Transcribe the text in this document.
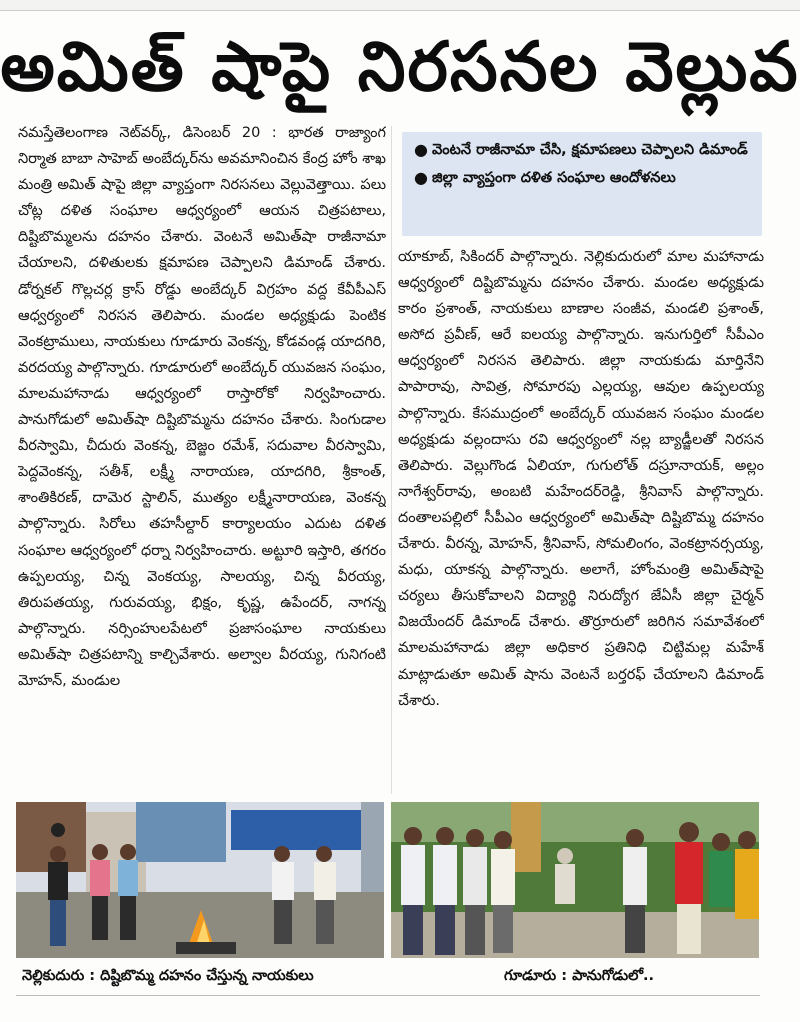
అమిత్ షాపై నిరసనల వెల్లువ
● వెంటనే రాజీనామా చేసి, క్షమాపణలు చెప్పాలని డిమాండ్
● జిల్లా వ్యాప్తంగా దళిత సంఘాల ఆందోళనలు
నమస్తేతెలంగాణ నెట్‌వర్క్, డిసెంబర్ 20 : భారత రాజ్యాంగ నిర్మాత బాబా సాహెబ్ అంబేద్కర్‌ను అవమానించిన కేంద్ర హోం శాఖ మంత్రి అమిత్ షాపై జిల్లా వ్యాప్తంగా నిరసనలు వెల్లువెత్తాయి. పలు చోట్ల దళిత సంఘాల ఆధ్వర్యంలో ఆయన చిత్రపటాలు, దిష్టిబొమ్మలను దహనం చేశారు. వెంటనే అమిత్‌షా రాజీనామా చేయాలని, దళితులకు క్షమాపణ చెప్పాలని డిమాండ్ చేశారు. డోర్నకల్ గొల్లచర్ల క్రాస్ రోడ్డు అంబేద్కర్ విగ్రహం వద్ద కేవీపీఎస్ ఆధ్వర్యంలో నిరసన తెలిపారు. మండల అధ్యక్షుడు పెంటిక వెంకట్రాములు, నాయకులు గూడూరు వెంకన్న, కోడవండ్ల యాదగిరి, వరదయ్య పాల్గొన్నారు. గూడూరులో అంబేద్కర్ యువజన సంఘం, మాలమహానాడు ఆధ్వర్యంలో రాస్తారోకో నిర్వహించారు. పానుగోడులో అమిత్‌షా దిష్టిబొమ్మను దహనం చేశారు. సింగుడాల వీరస్వామి, చీదురు వెంకన్న, బెజ్జం రమేశ్, సదువాల వీరస్వామి, పెద్దవెంకన్న, సతీశ్, లక్ష్మీ నారాయణ, యాదగిరి, శ్రీకాంత్, శాంతికిరణ్, దామెర స్టాలిన్, ముత్యం లక్ష్మీనారాయణ, వెంకన్న పాల్గొన్నారు. సిరోలు తహసీల్దార్ కార్యాలయం ఎదుట దళిత సంఘాల ఆధ్వర్యంలో ధర్నా నిర్వహించారు. అట్టూరి ఇస్తారి, తగరం ఉప్పలయ్య, చిన్న వెంకయ్య, సాలయ్య, చిన్న వీరయ్య, తిరుపతయ్య, గురువయ్య, భిక్షం, కృష్ణ, ఉపేందర్, నాగన్న పాల్గొన్నారు. నర్సింహులపేటలో ప్రజాసంఘాల నాయకులు అమిత్‌షా చిత్రపటాన్ని కాల్చివేశారు. అల్వాల వీరయ్య, గునిగంటి మోహన్, మండుల
యాకూబ్, సికిందర్ పాల్గొన్నారు. నెల్లికుదురులో మాల మహానాడు ఆధ్వర్యంలో దిష్టిబొమ్మను దహనం చేశారు. మండల అధ్యక్షుడు కారం ప్రశాంత్, నాయకులు బాణాల సంజీవ, మండలి ప్రశాంత్, అసోద ప్రవీణ్, ఆరే ఐలయ్య పాల్గొన్నారు. ఇనుగుర్తిలో సీపీఎం ఆధ్వర్యంలో నిరసన తెలిపారు. జిల్లా నాయకుడు మార్తినేని పాపారావు, సావిత్ర, సోమారపు ఎల్లయ్య, ఆవుల ఉప్పలయ్య పాల్గొన్నారు. కేసముద్రంలో అంబేద్కర్ యువజన సంఘం మండల అధ్యక్షుడు వల్లందాసు రవి ఆధ్వర్యంలో నల్ల బ్యాడ్జీలతో నిరసన తెలిపారు. వెల్లుగొండ ఏలియా, గుగులోత్ దస్రూనాయక్, అల్లం నాగేశ్వర్‌రావు, అంబటి మహేందర్‌రెడ్డి, శ్రీనివాస్ పాల్గొన్నారు. దంతాలపల్లిలో సీపీఎం ఆధ్వర్యంలో అమిత్‌షా దిష్టిబొమ్మ దహనం చేశారు. వీరన్న, మోహన్, శ్రీనివాస్, సోమలింగం, వెంకట్రానర్సయ్య, మధు, యాకన్న పాల్గొన్నారు. అలాగే, హోంమంత్రి అమిత్‌షాపై చర్యలు తీసుకోవాలని విద్యార్థి నిరుద్యోగ జేఏసీ జిల్లా చైర్మన్ విజయేందర్ డిమాండ్ చేశారు. తొర్రూరులో జరిగిన సమావేశంలో మాలమహానాడు జిల్లా అధికార ప్రతినిధి చిట్టిమల్ల మహేశ్ మాట్లాడుతూ అమిత్ షాను వెంటనే బర్తరఫ్ చేయాలని డిమాండ్ చేశారు.
నెల్లికుదురు : దిష్టిబొమ్మ దహనం చేస్తున్న నాయకులు	గూడూరు : పానుగోడులో..
